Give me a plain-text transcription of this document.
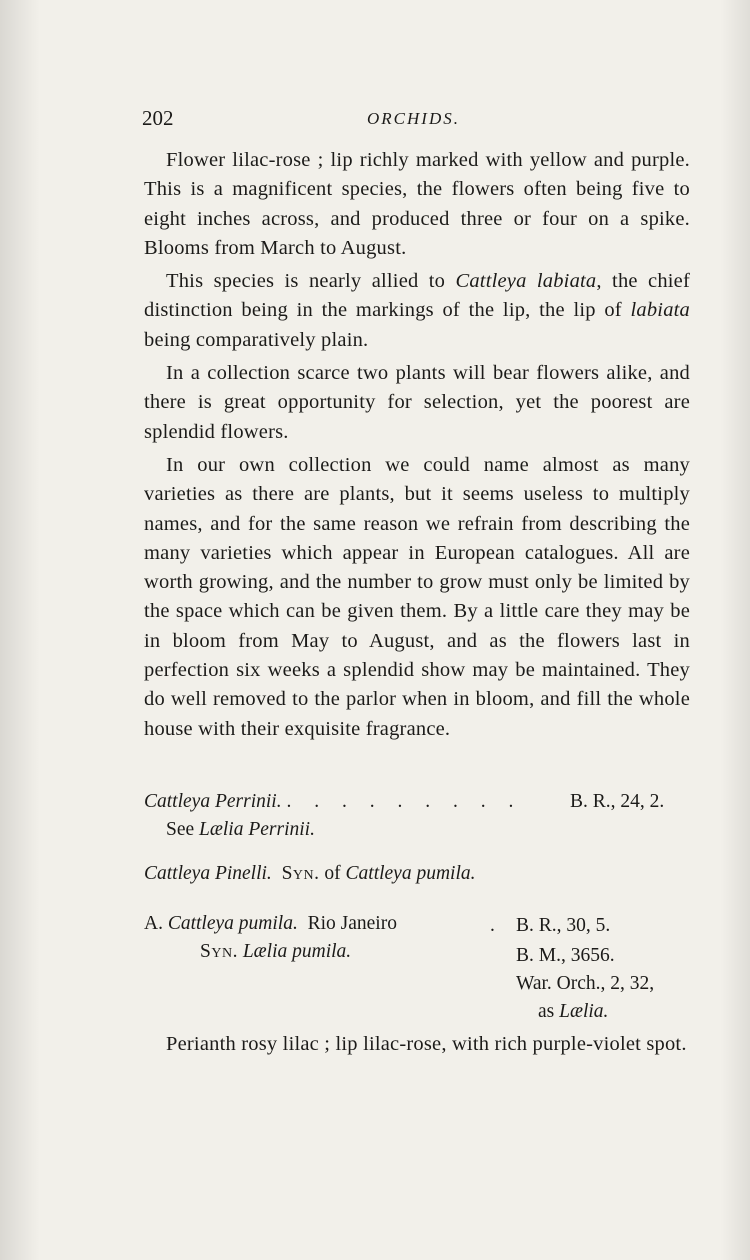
202	ORCHIDS.

Flower lilac-rose ; lip richly marked with yellow and purple. This is a magnificent species, the flowers often being five to eight inches across, and produced three or four on a spike. Blooms from March to August.

This species is nearly allied to Cattleya labiata, the chief distinction being in the markings of the lip, the lip of labiata being comparatively plain.

In a collection scarce two plants will bear flowers alike, and there is great opportunity for selection, yet the poorest are splendid flowers.

In our own collection we could name almost as many varieties as there are plants, but it seems useless to multiply names, and for the same reason we refrain from describing the many varieties which appear in European catalogues. All are worth growing, and the number to grow must only be limited by the space which can be given them. By a little care they may be in bloom from May to August, and as the flowers last in perfection six weeks a splendid show may be maintained. They do well removed to the parlor when in bloom, and fill the whole house with their exquisite fragrance.

Cattleya Perrinii. . . . . . . . . . B. R., 24, 2.
See Lælia Perrinii.
Cattleya Pinelli. Syn. of Cattleya pumila.
A. Cattleya pumila. Rio Janeiro	. B. R., 30, 5.
Syn. Lælia pumila.	B. M., 3656.
War. Orch., 2, 32,
as Lælia.

Perianth rosy lilac ; lip lilac-rose, with rich purple-violet spot.
